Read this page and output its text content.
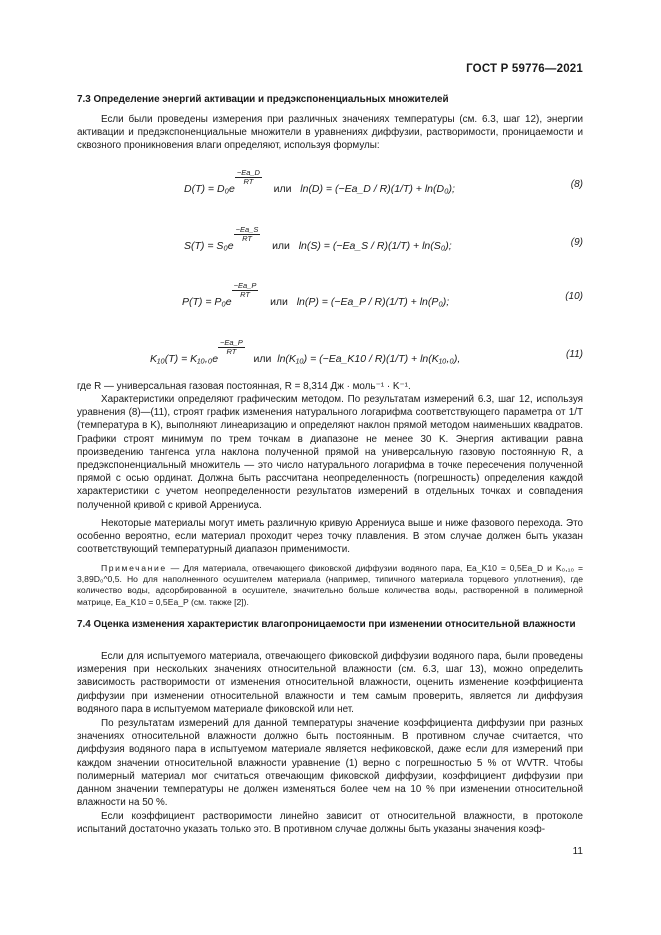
ГОСТ Р 59776—2021
7.3 Определение энергий активации и предэкспоненциальных множителей
Если были проведены измерения при различных значениях температуры (см. 6.3, шаг 12), энергии активации и предэкспоненциальные множители в уравнениях диффузии, растворимости, проницаемости и сквозного проникновения влаги определяют, используя формулы:
D(T) = D₀e
$^{\frac{-Ea\_D}{RT}}$
или ln(D) = (−Ea_D / R)(1/T) + ln(D₀);	(8)
S(T) = S₀e
$^{\frac{-Ea\_S}{RT}}$
или ln(S) = (−Ea_S / R)(1/T) + ln(S₀);	(9)
P(T) = P₀e
$^{\frac{-Ea\_P}{RT}}$
или ln(P) = (−Ea_P / R)(1/T) + ln(P₀);	(10)
K₁₀(T) = K₁₀,₀e
$^{\frac{-Ea\_P}{RT}}$
или ln(K₁₀) = (−Ea_K10 / R)(1/T) + ln(K₁₀,₀),	(11)
где R — универсальная газовая постоянная, R = 8,314 Дж · моль⁻¹ · K⁻¹.
Характеристики определяют графическим методом. По результатам измерений 6.3, шаг 12, используя уравнения (8)—(11), строят график изменения натурального логарифма соответствующего параметра от 1/T (температура в K), выполняют линеаризацию и определяют наклон прямой методом наименьших квадратов. Графики строят минимум по трем точкам в диапазоне не менее 30 K. Энергия активации равна произведению тангенса угла наклона полученной прямой на универсальную газовую постоянную R, а предэкспоненциальный множитель — это число натурального логарифма в точке пересечения полученной прямой с осью ординат. Должна быть рассчитана неопределенность (погрешность) определения каждой характеристики с учетом неопределенности результатов измерений в отдельных точках и совпадения полученной кривой с кривой Аррениуса.
Некоторые материалы могут иметь различную кривую Аррениуса выше и ниже фазового перехода. Это особенно вероятно, если материал проходит через точку плавления. В этом случае должен быть указан соответствующий температурный диапазон применимости.
Примечание — Для материала, отвечающего фиковской диффузии водяного пара, Ea_K10 = 0,5Ea_D и K₀,₁₀ = 3,89D₀^0,5. Но для наполненного осушителем материала (например, типичного материала торцевого уплотнения), где количество воды, адсорбированной в осушителе, значительно больше количества воды, растворенной в полимерной матрице, Ea_K10 = 0,5Ea_P (см. также [2]).
7.4 Оценка изменения характеристик влагопроницаемости при изменении относительной влажности
Если для испытуемого материала, отвечающего фиковской диффузии водяного пара, были проведены измерения при нескольких значениях относительной влажности (см. 6.3, шаг 13), можно определить зависимость растворимости от изменения относительной влажности, оценить изменение коэффициента диффузии при изменении относительной влажности и тем самым проверить, является ли диффузия водяного пара в испытуемом материале фиковской или нет.
По результатам измерений для данной температуры значение коэффициента диффузии при разных значениях относительной влажности должно быть постоянным. В противном случае считается, что диффузия водяного пара в испытуемом материале является нефиковской, даже если для измерений при каждом значении относительной влажности уравнение (1) верно с погрешностью 5 % от WVTR. Чтобы полимерный материал мог считаться отвечающим фиковской диффузии, коэффициент диффузии при данном значении температуры не должен изменяться более чем на 10 % при изменении относительной влажности на 50 %.
Если коэффициент растворимости линейно зависит от относительной влажности, в протоколе испытаний достаточно указать только это. В противном случае должны быть указаны значения коэф-
11
